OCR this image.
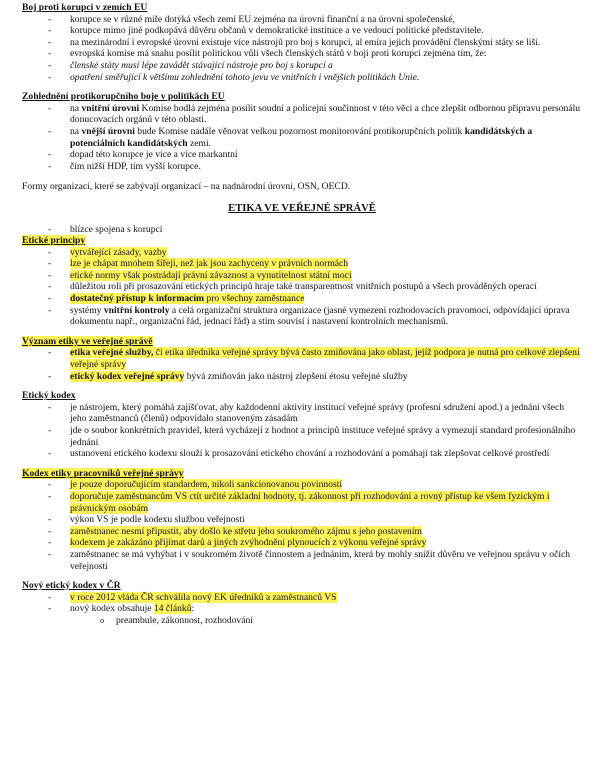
Boj proti korupci v zemích EU
- korupce se v různé míře dotýká všech zemí EU zejména na úrovni finanční a na úrovni společenské,
- korupce mimo jiné podkopává důvěru občanů v demokratické instituce a ve vedoucí politické představitele.
- na mezinárodní i evropské úrovni existuje více nástrojů pro boj s korupcí, al emíra jejich provádění členskými státy se liší.
- evropská komise má snahu posílit politickou vůli všech členských států v boji proti korupci zejména tím, že:
- členské státy musí lépe zavádět stávající nástroje pro boj s korupcí a
- opatření směřující k většímu zohlednění tohoto jevu ve vnitřních i vnějších politikách Unie.
Zohlednění protikorupčního boje v politikách EU
- na vnitřní úrovni Komise hodlá zejména posílit soudní a policejní součinnost v této věci a chce zlepšit odbornou přípravu personálu donucovacích orgánů v této oblasti.
- na vnější úrovni bude Komise nadále věnovat velkou pozornost monitorování protikorupčních politik kandidátských a potenciálních kandidátských zemí.
- dopad této korupce je více a více markantní
- čím nižší HDP, tím vyšší korupce.
Formy organizací, které se zabývají organizací – na nadnárodní úrovni, OSN, OECD.
ETIKA VE VEŘEJNÉ SPRÁVĚ
- blízce spojena s korupcí
Etické principy
- vytvářející zásady, vazby
- lze je chápat mnohem šířeji, než jak jsou zachyceny v právních normách
- etické normy však postrádají právní závaznost a vynutitelnost státní moci
- důležitou roli při prosazování etických principů hraje také transparentnost vnitřních postupů a všech prováděných operací
- dostatečný přístup k informacím pro všechny zaměstnance
- systémy vnitřní kontroly a celá organizační struktura organizace (jasné vymezení rozhodovacích pravomocí, odpovídající úprava dokumentu např., organizační řád, jednací řád) a stím souvisí i nastavení kontrolních mechanismů.
Význam etiky ve veřejné správě
- etika veřejné služby, či etika úředníka veřejné správy bývá často zmiňována jako oblast, jejíž podpora je nutná pro celkové zlepšení veřejné správy
- etický kodex veřejné správy bývá zmiňován jako nástroj zlepšení étosu veřejné služby
Etický kodex
- je nástrojem, který pomáhá zajišťovat, aby každodenní aktivity institucí veřejné správy (profesní sdružení apod.) a jednání všech jeho zaměstnanců (členů) odpovídalo stanoveným zásadám
- jde o soubor konkrétních pravidel, která vycházejí z hodnot a principů instituce veřejné správy a vymezují standard profesionálního jednání
- ustanovení etického kodexu slouží k prosazování etického chování a rozhodování a pomáhají tak zlepšovat celkové prostředí
Kodex etiky pracovníků veřejné správy
- je pouze doporučujícím standardem, nikoli sankcionovanou povinností
- doporučuje zaměstnancům VS ctít určité základní hodnoty, tj. zákonnost při rozhodování a rovný přístup ke všem fyzickým i právnickým osobám
- výkon VS je podle kodexu službou veřejnosti
- zaměstnanec nesmí připustit, aby došlo ke střetu jeho soukromého zájmu s jeho postavením
- kodexem je zakázáno přijímat darů a jiných zvýhodnění plynoucích z výkonu veřejné správy
- zaměstnanec se má vyhýbat i v soukromém životě činnostem a jednáním, která by mohly snížit důvěru ve veřejnou správu v očích veřejnosti
Nový etický kodex v ČR
- v roce 2012 vláda ČR schválila nový EK úředníků a zaměstnanců VS
- nový kodex obsahuje 14 článků:
o preambule, zákonnost, rozhodování
